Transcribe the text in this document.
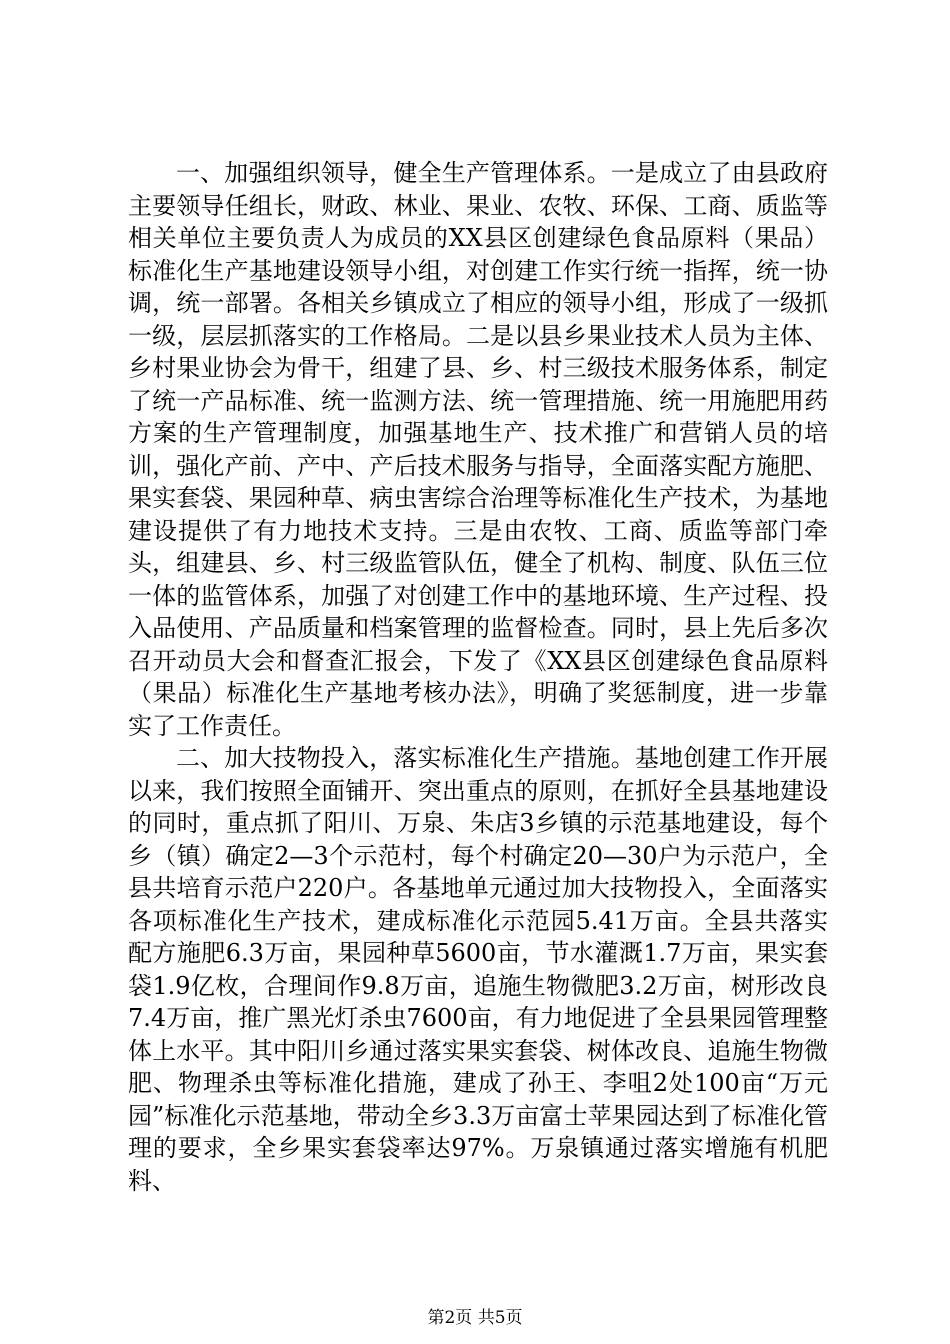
一、加强组织领导，健全生产管理体系。一是成立了由县政府主要领导任组长，财政、林业、果业、农牧、环保、工商、质监等相关单位主要负责人为成员的XX县区创建绿色食品原料（果品）标准化生产基地建设领导小组，对创建工作实行统一指挥，统一协调，统一部署。各相关乡镇成立了相应的领导小组，形成了一级抓一级，层层抓落实的工作格局。二是以县乡果业技术人员为主体、乡村果业协会为骨干，组建了县、乡、村三级技术服务体系，制定了统一产品标准、统一监测方法、统一管理措施、统一用施肥用药方案的生产管理制度，加强基地生产、技术推广和营销人员的培训，强化产前、产中、产后技术服务与指导，全面落实配方施肥、果实套袋、果园种草、病虫害综合治理等标准化生产技术，为基地建设提供了有力地技术支持。三是由农牧、工商、质监等部门牵头，组建县、乡、村三级监管队伍，健全了机构、制度、队伍三位一体的监管体系，加强了对创建工作中的基地环境、生产过程、投入品使用、产品质量和档案管理的监督检查。同时，县上先后多次召开动员大会和督查汇报会，下发了《XX县区创建绿色食品原料（果品）标准化生产基地考核办法》，明确了奖惩制度，进一步靠实了工作责任。

二、加大技物投入，落实标准化生产措施。基地创建工作开展以来，我们按照全面铺开、突出重点的原则，在抓好全县基地建设的同时，重点抓了阳川、万泉、朱店3乡镇的示范基地建设，每个乡（镇）确定2—3个示范村，每个村确定20—30户为示范户，全县共培育示范户220户。各基地单元通过加大技物投入，全面落实各项标准化生产技术，建成标准化示范园5.41万亩。全县共落实配方施肥6.3万亩，果园种草5600亩，节水灌溉1.7万亩，果实套袋1.9亿枚，合理间作9.8万亩，追施生物微肥3.2万亩，树形改良7.4万亩，推广黑光灯杀虫7600亩，有力地促进了全县果园管理整体上水平。其中阳川乡通过落实果实套袋、树体改良、追施生物微肥、物理杀虫等标准化措施，建成了孙王、李咀2处100亩“万元园”标准化示范基地，带动全乡3.3万亩富士苹果园达到了标准化管理的要求，全乡果实套袋率达97%。万泉镇通过落实增施有机肥料、

第2页 共5页
